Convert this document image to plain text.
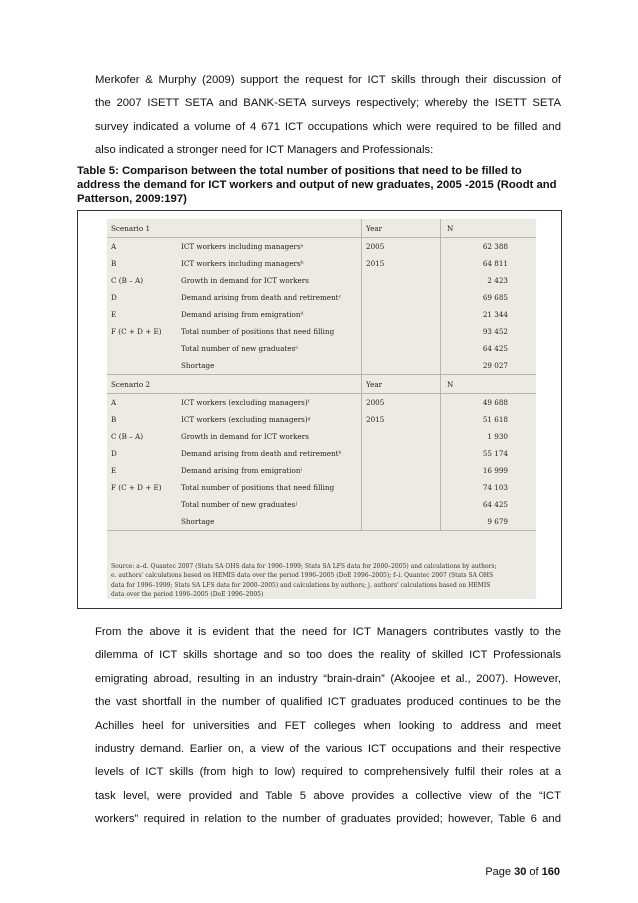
Merkofer & Murphy (2009) support the request for ICT skills through their discussion of
the 2007 ISETT SETA and BANK-SETA surveys respectively; whereby the ISETT SETA
survey indicated a volume of 4 671 ICT occupations which were required to be filled and
also indicated a stronger need for ICT Managers and Professionals:
Table 5: Comparison between the total number of positions that need to be filled to address the demand for ICT workers and output of new graduates, 2005 -2015 (Roodt and Patterson, 2009:197)
Scenario 1		Year	N
A	ICT workers including managersᵃ	2005	62 388
B	ICT workers including managersᵇ	2015	64 811
C (B – A)	Growth in demand for ICT workers		2 423
D	Demand arising from death and retirementᶜ		69 685
E	Demand arising from emigrationᵈ		21 344
F (C + D + E)	Total number of positions that need filling		93 452
	Total number of new graduatesᵉ		64 425
	Shortage		29 027
Scenario 2		Year	N
A	ICT workers (excluding managers)ᶠ	2005	49 688
B	ICT workers (excluding managers)ᵍ	2015	51 618
C (B – A)	Growth in demand for ICT workers		1 930
D	Demand arising from death and retirementʰ		55 174
E	Demand arising from emigrationⁱ		16 999
F (C + D + E)	Total number of positions that need filling		74 103
	Total number of new graduatesʲ		64 425
	Shortage		9 679
Source: a–d. Quantec 2007 (Stats SA OHS data for 1996–1999; Stats SA LFS data for 2000–2005) and calculations by authors;
e. authors' calculations based on HEMIS data over the period 1996–2005 (DoE 1996–2005); f–i. Quantec 2007 (Stats SA OHS
data for 1996–1999; Stats SA LFS data for 2000–2005) and calculations by authors; j. authors' calculations based on HEMIS
data over the period 1996–2005 (DoE 1996–2005)
From the above it is evident that the need for ICT Managers contributes vastly to the
dilemma of ICT skills shortage and so too does the reality of skilled ICT Professionals
emigrating abroad, resulting in an industry “brain-drain” (Akoojee et al., 2007). However,
the vast shortfall in the number of qualified ICT graduates produced continues to be the
Achilles heel for universities and FET colleges when looking to address and meet
industry demand. Earlier on, a view of the various ICT occupations and their respective
levels of ICT skills (from high to low) required to comprehensively fulfil their roles at a
task level, were provided and Table 5 above provides a collective view of the “ICT
workers” required in relation to the number of graduates provided; however, Table 6 and
Page 30 of 160
